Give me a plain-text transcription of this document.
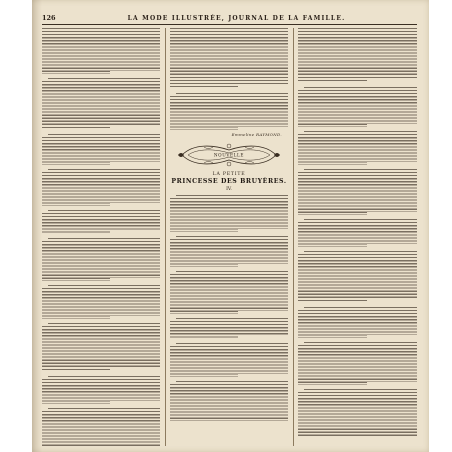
126	LA MODE ILLUSTRÉE, JOURNAL DE LA FAMILLE.
Emmeline RAYMOND.
NOUVELLE
LA PETITE
PRINCESSE DES BRUYÈRES.
IV.
